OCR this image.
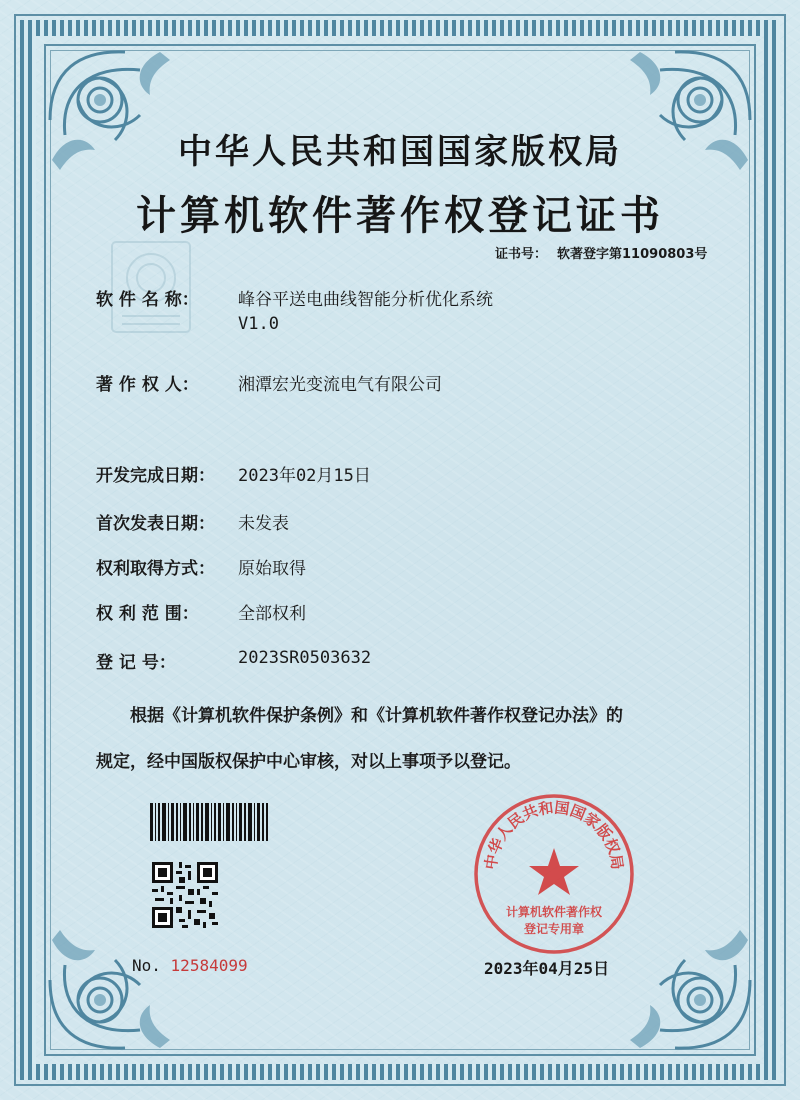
中华人民共和国国家版权局
计算机软件著作权登记证书
证书号： 软著登字第11090803号
软 件 名 称： 峰谷平送电曲线智能分析优化系统
V1.0
著 作 权 人： 湘潭宏光变流电气有限公司
开发完成日期： 2023年02月15日
首次发表日期： 未发表
权利取得方式： 原始取得
权 利 范 围： 全部权利
登 记 号：	2023SR0503632
根据《计算机软件保护条例》和《计算机软件著作权登记办法》的
规定，经中国版权保护中心审核，对以上事项予以登记。
No. 12584099
中华人民共和国国家版权局
计算机软件著作权
登记专用章
2023年04月25日
